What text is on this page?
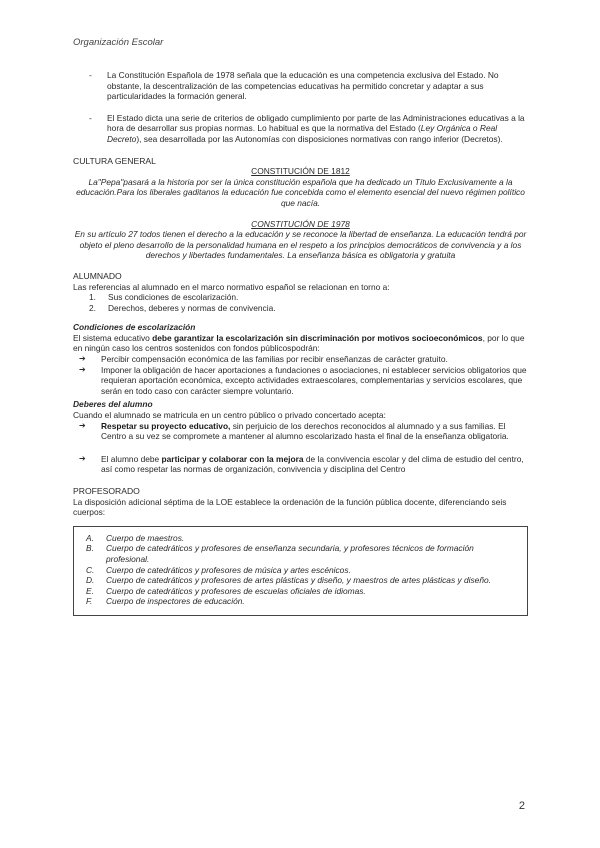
Organización Escolar
-	La Constitución Española de 1978 señala que la educación es una competencia exclusiva del Estado. No obstante, la descentralización de las competencias educativas ha permitido concretar y adaptar a sus particularidades la formación general.
-	El Estado dicta una serie de criterios de obligado cumplimiento por parte de las Administraciones educativas a la hora de desarrollar sus propias normas. Lo habitual es que la normativa del Estado (Ley Orgánica o Real Decreto), sea desarrollada por las Autonomías con disposiciones normativas con rango inferior (Decretos).
CULTURA GENERAL
CONSTITUCIÓN DE 1812
La"Pepa"pasará a la historia por ser la única constitución española que ha dedicado un Título Exclusivamente a la educación.Para los liberales gaditanos la educación fue concebida como el elemento esencial del nuevo régimen político que nacía.
CONSTITUCIÓN DE 1978
En su artículo 27 todos tienen el derecho a la educación y se reconoce la libertad de enseñanza. La educación tendrá por objeto el pleno desarrollo de la personalidad humana en el respeto a los principios democráticos de convivencia y a los derechos y libertades fundamentales. La enseñanza básica es obligatoria y gratuita
ALUMNADO
Las referencias al alumnado en el marco normativo español se relacionan en torno a:
1.	Sus condiciones de escolarización.
2.	Derechos, deberes y normas de convivencia.
Condiciones de escolarización
El sistema educativo debe garantizar la escolarización sin discriminación por motivos socioeconómicos, por lo que en ningún caso los centros sostenidos con fondos públicospodrán:
➔	Percibir compensación económica de las familias por recibir enseñanzas de carácter gratuito.
➔	Imponer la obligación de hacer aportaciones a fundaciones o asociaciones, ni establecer servicios obligatorios que requieran aportación económica, excepto actividades extraescolares, complementarias y servicios escolares, que serán en todo caso con carácter siempre voluntario.
Deberes del alumno
Cuando el alumnado se matricula en un centro público o privado concertado acepta:
➔	Respetar su proyecto educativo, sin perjuicio de los derechos reconocidos al alumnado y a sus familias. El Centro a su vez se compromete a mantener al alumno escolarizado hasta el final de la enseñanza obligatoria.
➔	El alumno debe participar y colaborar con la mejora de la convivencia escolar y del clima de estudio del centro, así como respetar las normas de organización, convivencia y disciplina del Centro
PROFESORADO
La disposición adicional séptima de la LOE establece la ordenación de la función pública docente, diferenciando seis cuerpos:
A.	Cuerpo de maestros.
B.	Cuerpo de catedráticos y profesores de enseñanza secundaria, y profesores técnicos de formación profesional.
C.	Cuerpo de catedráticos y profesores de música y artes escénicos.
D.	Cuerpo de catedráticos y profesores de artes plásticas y diseño, y maestros de artes plásticas y diseño.
E.	Cuerpo de catedráticos y profesores de escuelas oficiales de idiomas.
F.	Cuerpo de inspectores de educación.
2
